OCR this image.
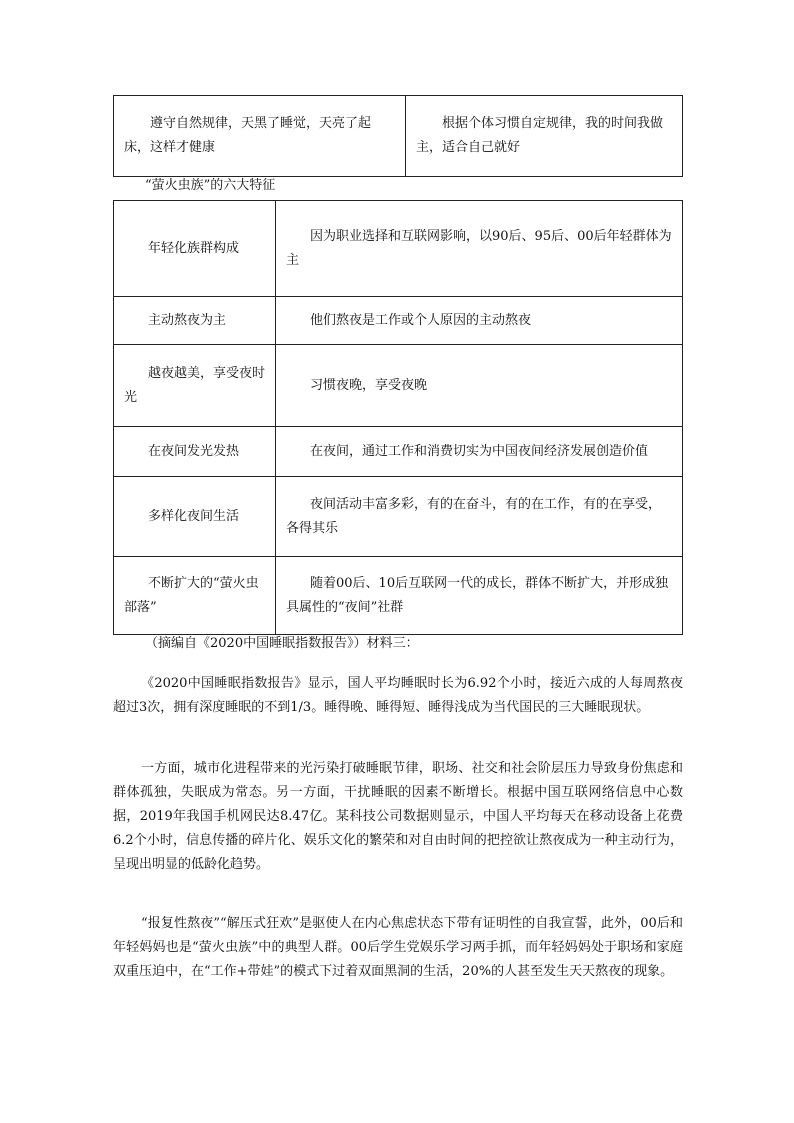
遵守自然规律，天黑了睡觉，天亮了起床，这样才健康	根据个体习惯自定规律，我的时间我做主，适合自己就好
“萤火虫族”的六大特征
年轻化族群构成	因为职业选择和互联网影响，以90后、95后、00后年轻群体为主
主动熬夜为主	他们熬夜是工作或个人原因的主动熬夜
越夜越美，享受夜时光	习惯夜晚，享受夜晚
在夜间发光发热	在夜间，通过工作和消费切实为中国夜间经济发展创造价值
多样化夜间生活	夜间活动丰富多彩，有的在奋斗，有的在工作，有的在享受，各得其乐
不断扩大的“萤火虫部落”	随着00后、10后互联网一代的成长，群体不断扩大，并形成独具属性的“夜间”社群
（摘编自《2020中国睡眠指数报告》）材料三：

《2020中国睡眠指数报告》显示，国人平均睡眠时长为6.92个小时，接近六成的人每周熬夜超过3次，拥有深度睡眠的不到1/3。睡得晚、睡得短、睡得浅成为当代国民的三大睡眠现状。

一方面，城市化进程带来的光污染打破睡眠节律，职场、社交和社会阶层压力导致身份焦虑和群体孤独，失眠成为常态。另一方面，干扰睡眠的因素不断增长。根据中国互联网络信息中心数据，2019年我国手机网民达8.47亿。某科技公司数据则显示，中国人平均每天在移动设备上花费6.2个小时，信息传播的碎片化、娱乐文化的繁荣和对自由时间的把控欲让熬夜成为一种主动行为，呈现出明显的低龄化趋势。

“报复性熬夜”“解压式狂欢”是驱使人在内心焦虑状态下带有证明性的自我宣誓，此外，00后和年轻妈妈也是“萤火虫族”中的典型人群。00后学生党娱乐学习两手抓，而年轻妈妈处于职场和家庭双重压迫中，在“工作+带娃”的模式下过着双面黑洞的生活，20%的人甚至发生天天熬夜的现象。
